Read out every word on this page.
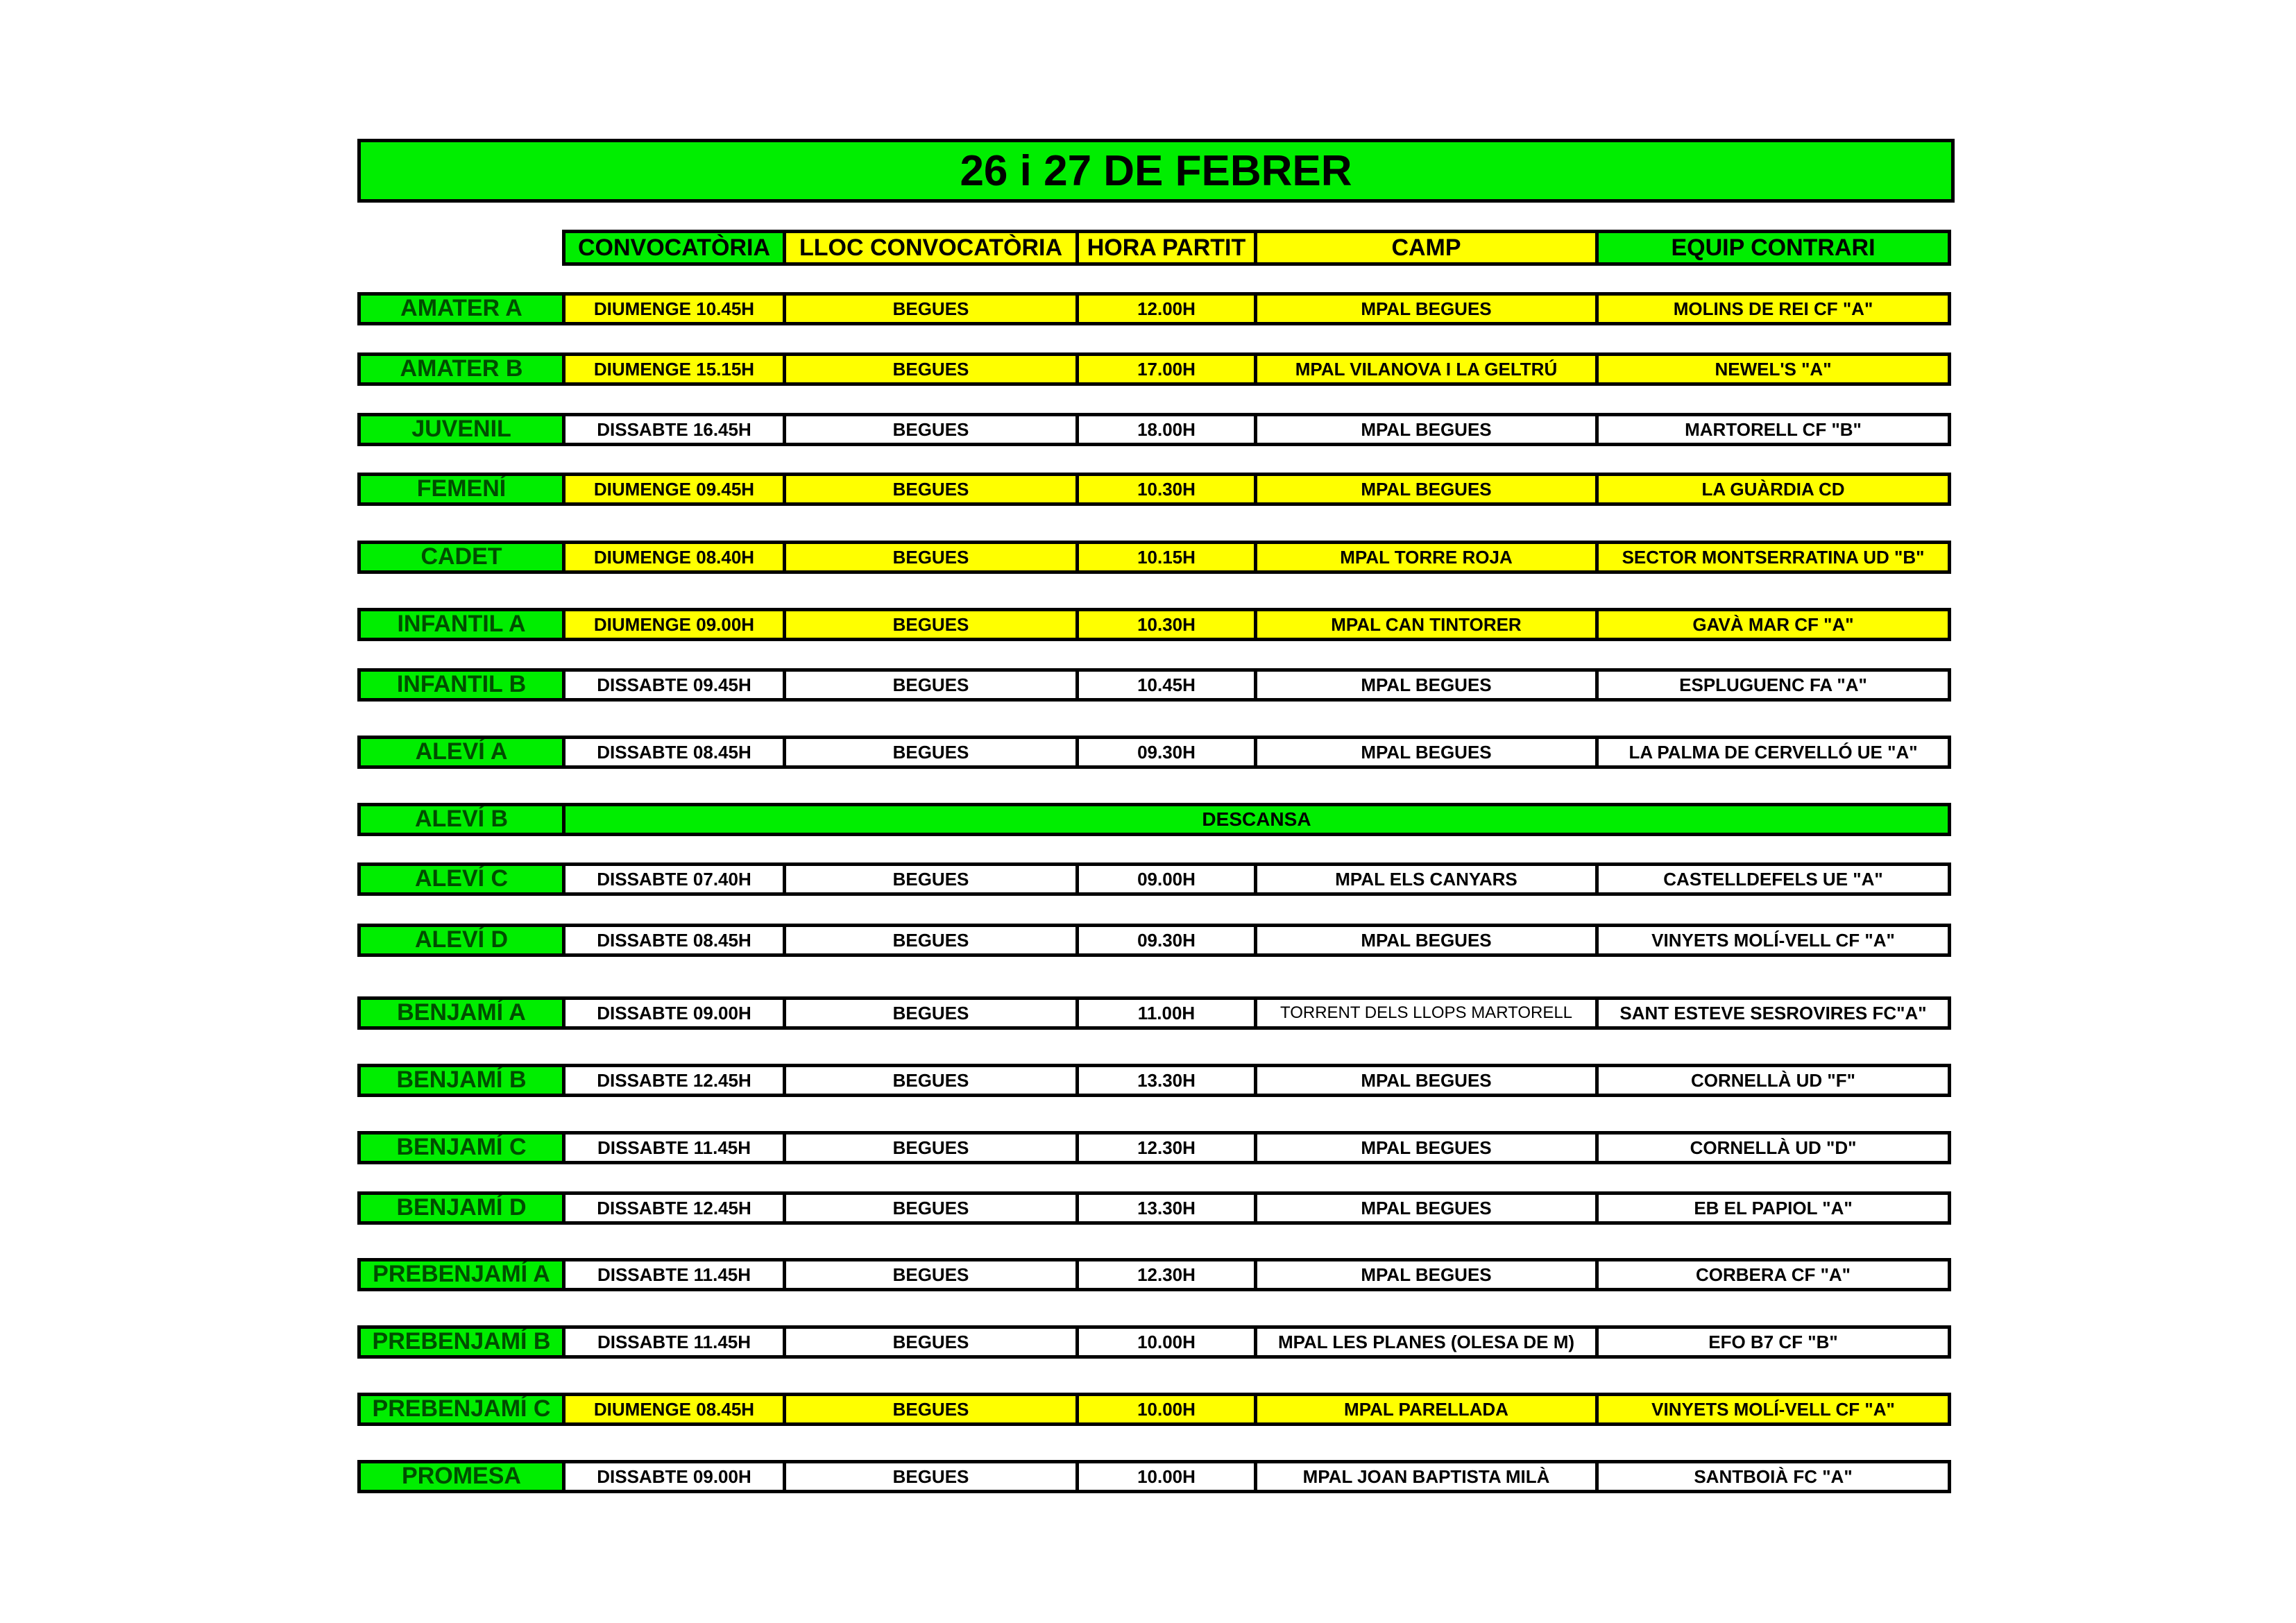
26 i 27 DE FEBRER
CONVOCATÒRIA	LLOC CONVOCATÒRIA	HORA PARTIT	CAMP	EQUIP CONTRARI
AMATER A	DIUMENGE 10.45H	BEGUES	12.00H	MPAL BEGUES	MOLINS DE REI CF "A"
AMATER B	DIUMENGE 15.15H	BEGUES	17.00H	MPAL VILANOVA I LA GELTRÚ	NEWEL'S "A"
JUVENIL	DISSABTE 16.45H	BEGUES	18.00H	MPAL BEGUES	MARTORELL CF "B"
FEMENÍ	DIUMENGE 09.45H	BEGUES	10.30H	MPAL BEGUES	LA GUÀRDIA CD
CADET	DIUMENGE 08.40H	BEGUES	10.15H	MPAL TORRE ROJA	SECTOR MONTSERRATINA UD "B"
INFANTIL A	DIUMENGE 09.00H	BEGUES	10.30H	MPAL CAN TINTORER	GAVÀ MAR CF "A"
INFANTIL B	DISSABTE 09.45H	BEGUES	10.45H	MPAL BEGUES	ESPLUGUENC FA "A"
ALEVÍ A	DISSABTE 08.45H	BEGUES	09.30H	MPAL BEGUES	LA PALMA DE CERVELLÓ UE "A"
ALEVÍ B	DESCANSA
ALEVÍ C	DISSABTE 07.40H	BEGUES	09.00H	MPAL ELS CANYARS	CASTELLDEFELS UE "A"
ALEVÍ D	DISSABTE 08.45H	BEGUES	09.30H	MPAL BEGUES	VINYETS MOLÍ-VELL CF "A"
BENJAMÍ A	DISSABTE 09.00H	BEGUES	11.00H	TORRENT DELS LLOPS MARTORELL	SANT ESTEVE SESROVIRES FC"A"
BENJAMÍ B	DISSABTE 12.45H	BEGUES	13.30H	MPAL BEGUES	CORNELLÀ UD "F"
BENJAMÍ C	DISSABTE 11.45H	BEGUES	12.30H	MPAL BEGUES	CORNELLÀ UD "D"
BENJAMÍ D	DISSABTE 12.45H	BEGUES	13.30H	MPAL BEGUES	EB EL PAPIOL "A"
PREBENJAMÍ A	DISSABTE 11.45H	BEGUES	12.30H	MPAL BEGUES	CORBERA CF "A"
PREBENJAMÍ B	DISSABTE 11.45H	BEGUES	10.00H	MPAL LES PLANES (OLESA DE M)	EFO B7 CF "B"
PREBENJAMÍ C	DIUMENGE 08.45H	BEGUES	10.00H	MPAL PARELLADA	VINYETS MOLÍ-VELL CF "A"
PROMESA	DISSABTE 09.00H	BEGUES	10.00H	MPAL JOAN BAPTISTA MILÀ	SANTBOIÀ FC "A"
